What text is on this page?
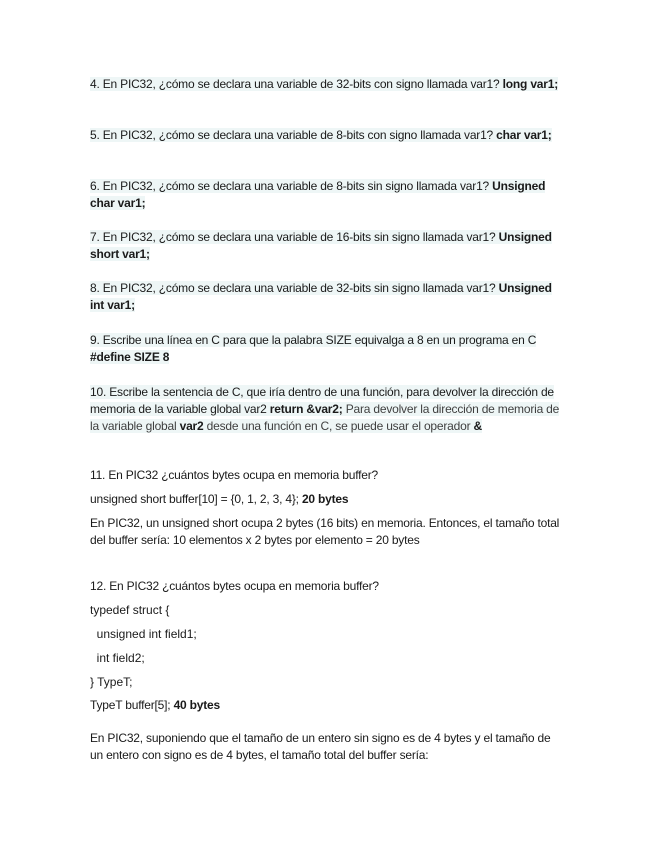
4. En PIC32, ¿cómo se declara una variable de 32-bits con signo llamada var1? long var1;
5. En PIC32, ¿cómo se declara una variable de 8-bits con signo llamada var1? char var1;
6. En PIC32, ¿cómo se declara una variable de 8-bits sin signo llamada var1? Unsigned char var1;
7. En PIC32, ¿cómo se declara una variable de 16-bits sin signo llamada var1? Unsigned short var1;
8. En PIC32, ¿cómo se declara una variable de 32-bits sin signo llamada var1? Unsigned int var1;
9. Escribe una línea en C para que la palabra SIZE equivalga a 8 en un programa en C #define SIZE 8
10. Escribe la sentencia de C, que iría dentro de una función, para devolver la dirección de memoria de la variable global var2 return &var2; Para devolver la dirección de memoria de la variable global var2 desde una función en C, se puede usar el operador &
11. En PIC32 ¿cuántos bytes ocupa en memoria buffer?
unsigned short buffer[10] = {0, 1, 2, 3, 4}; 20 bytes
En PIC32, un unsigned short ocupa 2 bytes (16 bits) en memoria. Entonces, el tamaño total del buffer sería: 10 elementos x 2 bytes por elemento = 20 bytes
12. En PIC32 ¿cuántos bytes ocupa en memoria buffer?
typedef struct {
unsigned int field1;
int field2;
} TypeT;
TypeT buffer[5]; 40 bytes
En PIC32, suponiendo que el tamaño de un entero sin signo es de 4 bytes y el tamaño de un entero con signo es de 4 bytes, el tamaño total del buffer sería:
